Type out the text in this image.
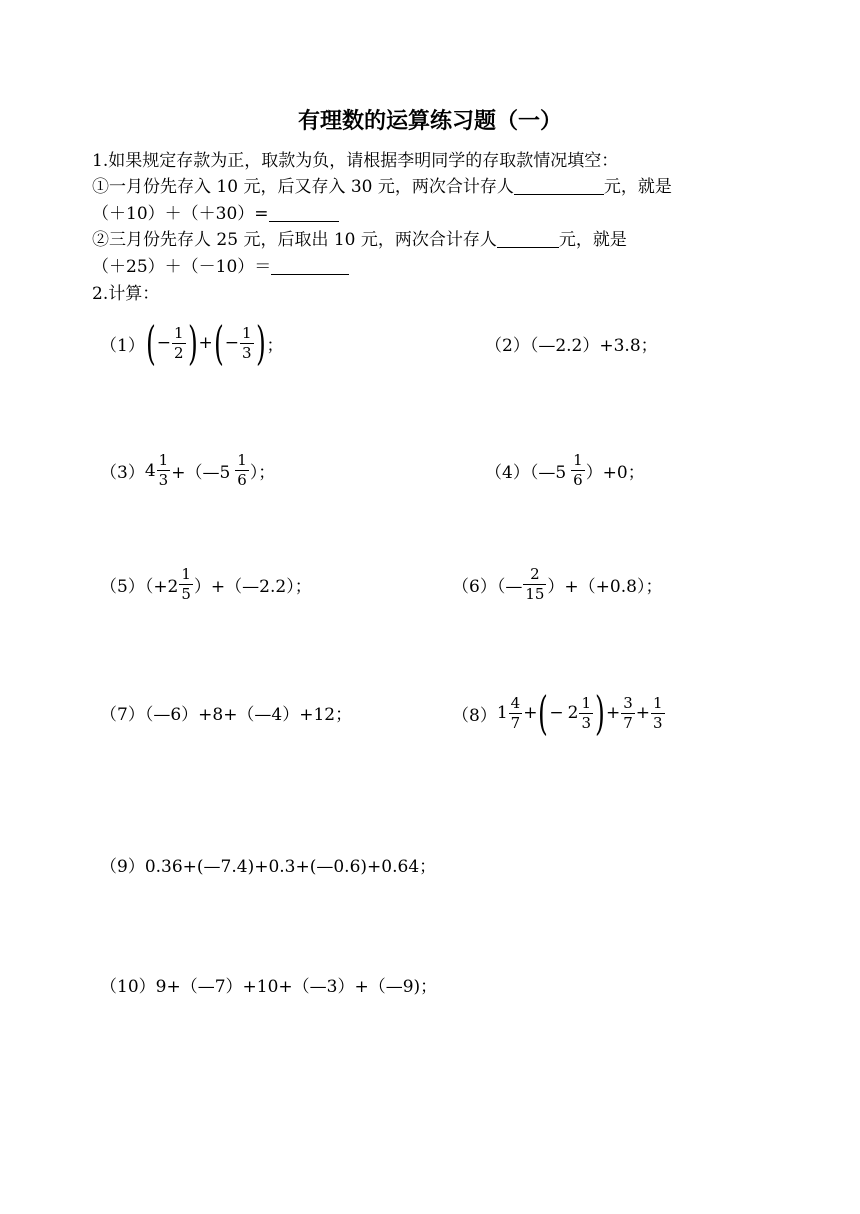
有理数的运算练习题（一）
1.如果规定存款为正，取款为负，请根据李明同学的存取款情况填空：
①一月份先存入 10 元，后又存入 30 元，两次合计存人	元，就是
（＋10）＋（＋30）=
②三月份先存人 25 元，后取出 10 元，两次合计存人	元，就是
（＋25）＋（－10）＝
2.计算：
（1） ( − $\frac{1}{2}$ ) + ( − $\frac{1}{3}$ ) ；	（2）（—2.2）+3.8；
（3） $4 \frac{1}{3}$ +（—5 $\frac{1}{6}$ ）；	（4）（—5 $\frac{1}{6} )+0$；
$(5)(+2 \frac{1}{5}$ ）+（—2.2）；	（6）（— $\frac{2}{15} )+(+0.8)$；
（7）（—6）+8+（—4）+12；	（8） $1 \frac{4}{7}$ + ( − $2 \frac{1}{3}$ ) + $\frac{3}{7} + \frac{1}{3}$
（9）0.36+(—7.4)+0.3+(—0.6)+0.64；
（10）9+（—7）+10+（—3）+（—9)；
